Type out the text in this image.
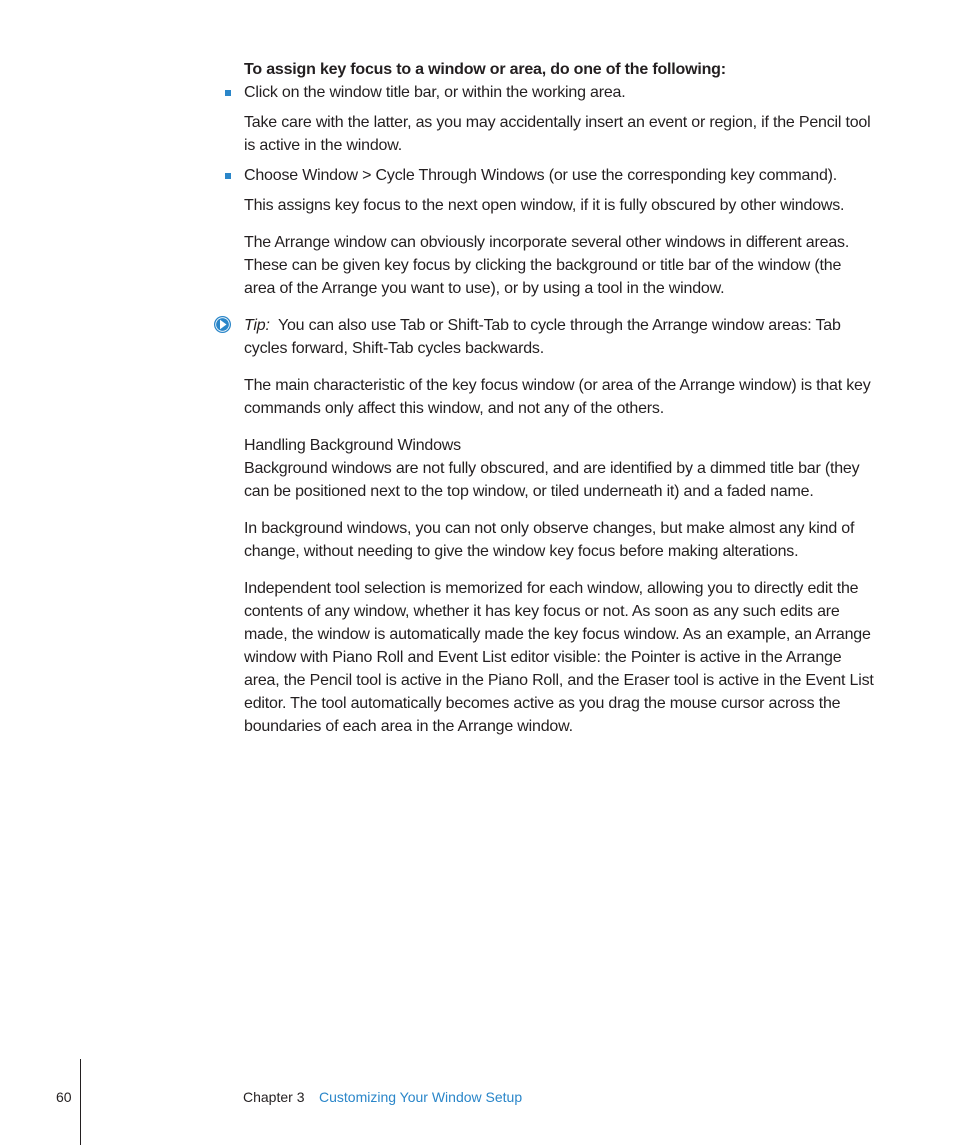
To assign key focus to a window or area, do one of the following:

Click on the window title bar, or within the working area.

Take care with the latter, as you may accidentally insert an event or region, if the Pencil tool is active in the window.

Choose Window > Cycle Through Windows (or use the corresponding key command).

This assigns key focus to the next open window, if it is fully obscured by other windows.

The Arrange window can obviously incorporate several other windows in different areas. These can be given key focus by clicking the background or title bar of the window (the area of the Arrange you want to use), or by using a tool in the window.

Tip: You can also use Tab or Shift-Tab to cycle through the Arrange window areas: Tab cycles forward, Shift-Tab cycles backwards.

The main characteristic of the key focus window (or area of the Arrange window) is that key commands only affect this window, and not any of the others.

Handling Background Windows

Background windows are not fully obscured, and are identified by a dimmed title bar (they can be positioned next to the top window, or tiled underneath it) and a faded name.

In background windows, you can not only observe changes, but make almost any kind of change, without needing to give the window key focus before making alterations.

Independent tool selection is memorized for each window, allowing you to directly edit the contents of any window, whether it has key focus or not. As soon as any such edits are made, the window is automatically made the key focus window. As an example, an Arrange window with Piano Roll and Event List editor visible: the Pointer is active in the Arrange area, the Pencil tool is active in the Piano Roll, and the Eraser tool is active in the Event List editor. The tool automatically becomes active as you drag the mouse cursor across the boundaries of each area in the Arrange window.

60	Chapter 3 Customizing Your Window Setup
